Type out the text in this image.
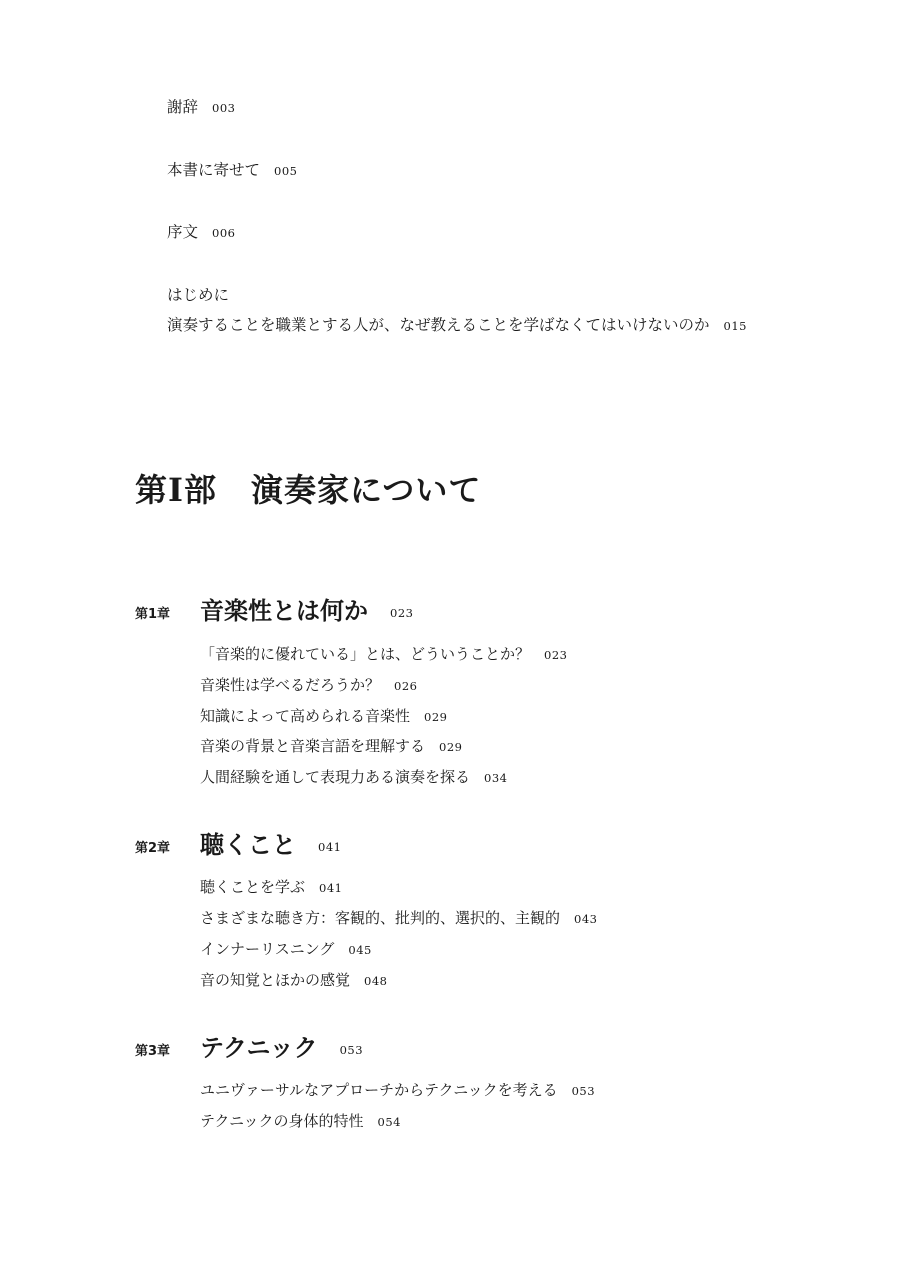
謝辞 003
本書に寄せて 005
序文 006
はじめに
演奏することを職業とする人が、なぜ教えることを学ばなくてはいけないのか 015
第I部 演奏家について
第1章 音楽性とは何か 023
「音楽的に優れている」とは、どういうことか？ 023
音楽性は学べるだろうか？ 026
知識によって高められる音楽性 029
音楽の背景と音楽言語を理解する 029
人間経験を通して表現力ある演奏を探る 034
第2章 聴くこと 041
聴くことを学ぶ 041
さまざまな聴き方：客観的、批判的、選択的、主観的 043
インナーリスニング 045
音の知覚とほかの感覚 048
第3章 テクニック 053
ユニヴァーサルなアプローチからテクニックを考える 053
テクニックの身体的特性 054
